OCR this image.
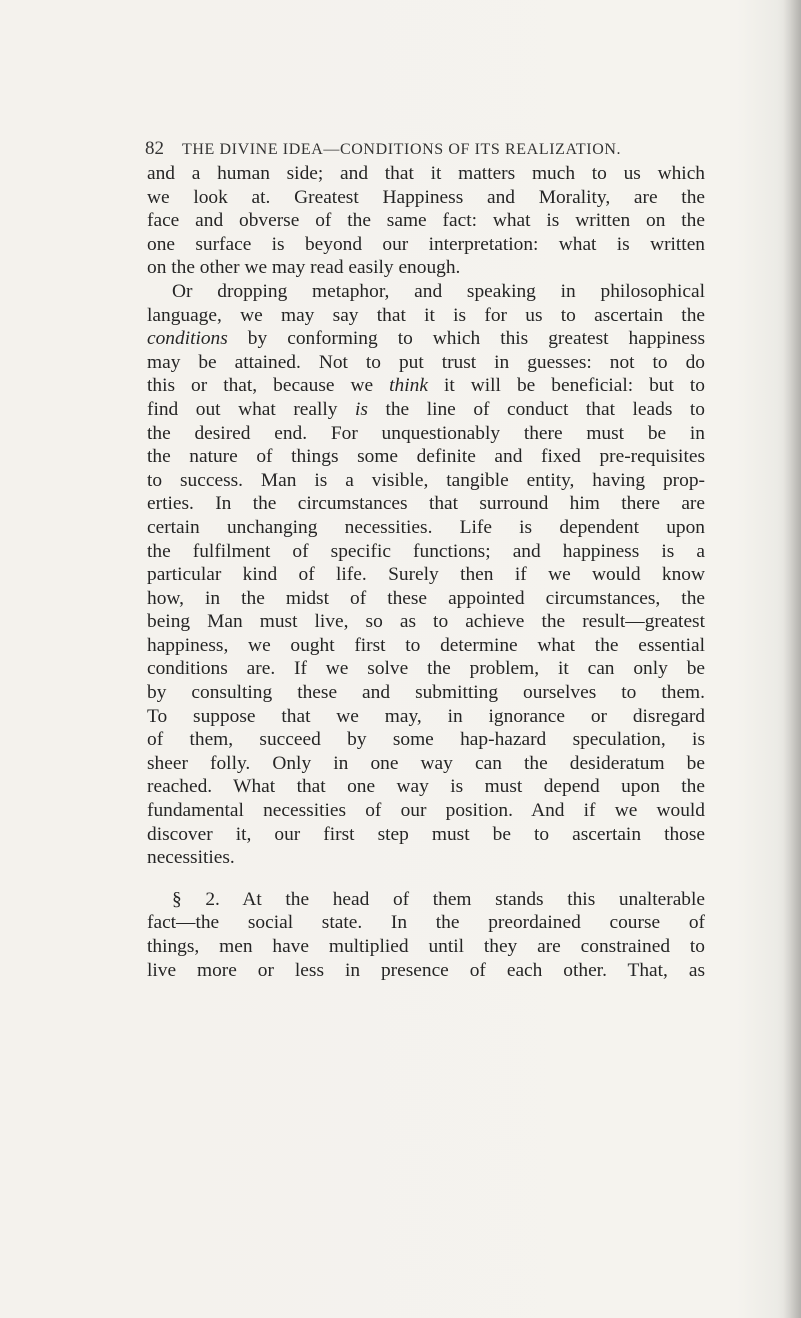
82 THE DIVINE IDEA—CONDITIONS OF ITS REALIZATION.
and a human side; and that it matters much to us which
we look at. Greatest Happiness and Morality, are the
face and obverse of the same fact: what is written on the
one surface is beyond our interpretation: what is written
on the other we may read easily enough.
Or dropping metaphor, and speaking in philosophical
language, we may say that it is for us to ascertain the
conditions by conforming to which this greatest happiness
may be attained. Not to put trust in guesses: not to do
this or that, because we think it will be beneficial: but to
find out what really is the line of conduct that leads to
the desired end. For unquestionably there must be in
the nature of things some definite and fixed pre-requisites
to success. Man is a visible, tangible entity, having prop-
erties. In the circumstances that surround him there are
certain unchanging necessities. Life is dependent upon
the fulfilment of specific functions; and happiness is a
particular kind of life. Surely then if we would know
how, in the midst of these appointed circumstances, the
being Man must live, so as to achieve the result—greatest
happiness, we ought first to determine what the essential
conditions are. If we solve the problem, it can only be
by consulting these and submitting ourselves to them.
To suppose that we may, in ignorance or disregard
of them, succeed by some hap-hazard speculation, is
sheer folly. Only in one way can the desideratum be
reached. What that one way is must depend upon the
fundamental necessities of our position. And if we would
discover it, our first step must be to ascertain those
necessities.
§ 2. At the head of them stands this unalterable
fact—the social state. In the preordained course of
things, men have multiplied until they are constrained to
live more or less in presence of each other. That, as
